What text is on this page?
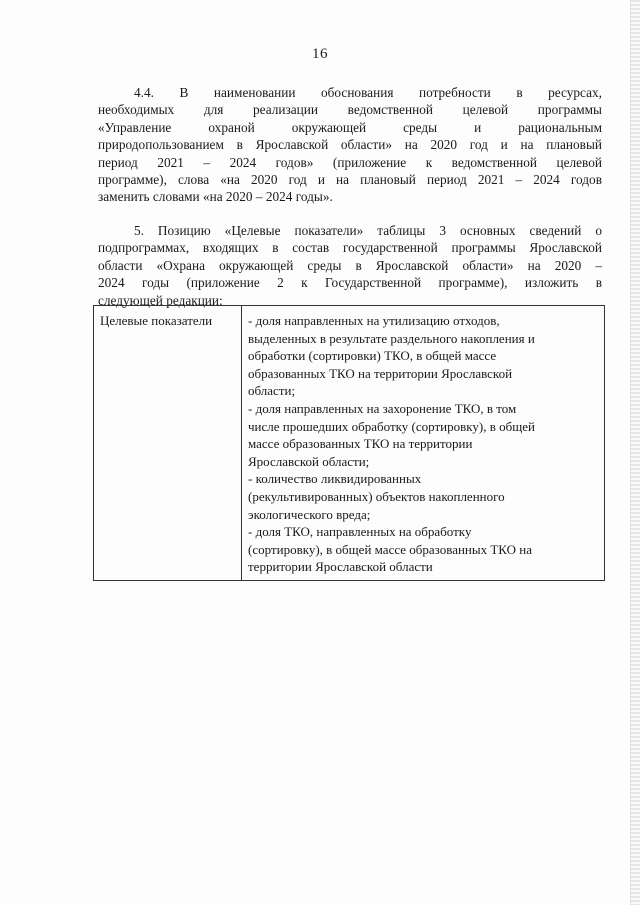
16
4.4. В наименовании обоснования потребности в ресурсах,
необходимых для реализации ведомственной целевой программы
«Управление охраной окружающей среды и рациональным
природопользованием в Ярославской области» на 2020 год и на плановый
период 2021 – 2024 годов» (приложение к ведомственной целевой
программе), слова «на 2020 год и на плановый период 2021 – 2024 годов
заменить словами «на 2020 – 2024 годы».
5. Позицию «Целевые показатели» таблицы 3 основных сведений о
подпрограммах, входящих в состав государственной программы Ярославской
области «Охрана окружающей среды в Ярославской области» на 2020 –
2024 годы (приложение 2 к Государственной программе), изложить в
следующей редакции:
Целевые показатели	- доля направленных на утилизацию отходов,
выделенных в результате раздельного накопления и
обработки (сортировки) ТКО, в общей массе
образованных ТКО на территории Ярославской
области;
- доля направленных на захоронение ТКО, в том
числе прошедших обработку (сортировку), в общей
массе образованных ТКО на территории
Ярославской области;
- количество ликвидированных
(рекультивированных) объектов накопленного
экологического вреда;
- доля ТКО, направленных на обработку
(сортировку), в общей массе образованных ТКО на
территории Ярославской области
